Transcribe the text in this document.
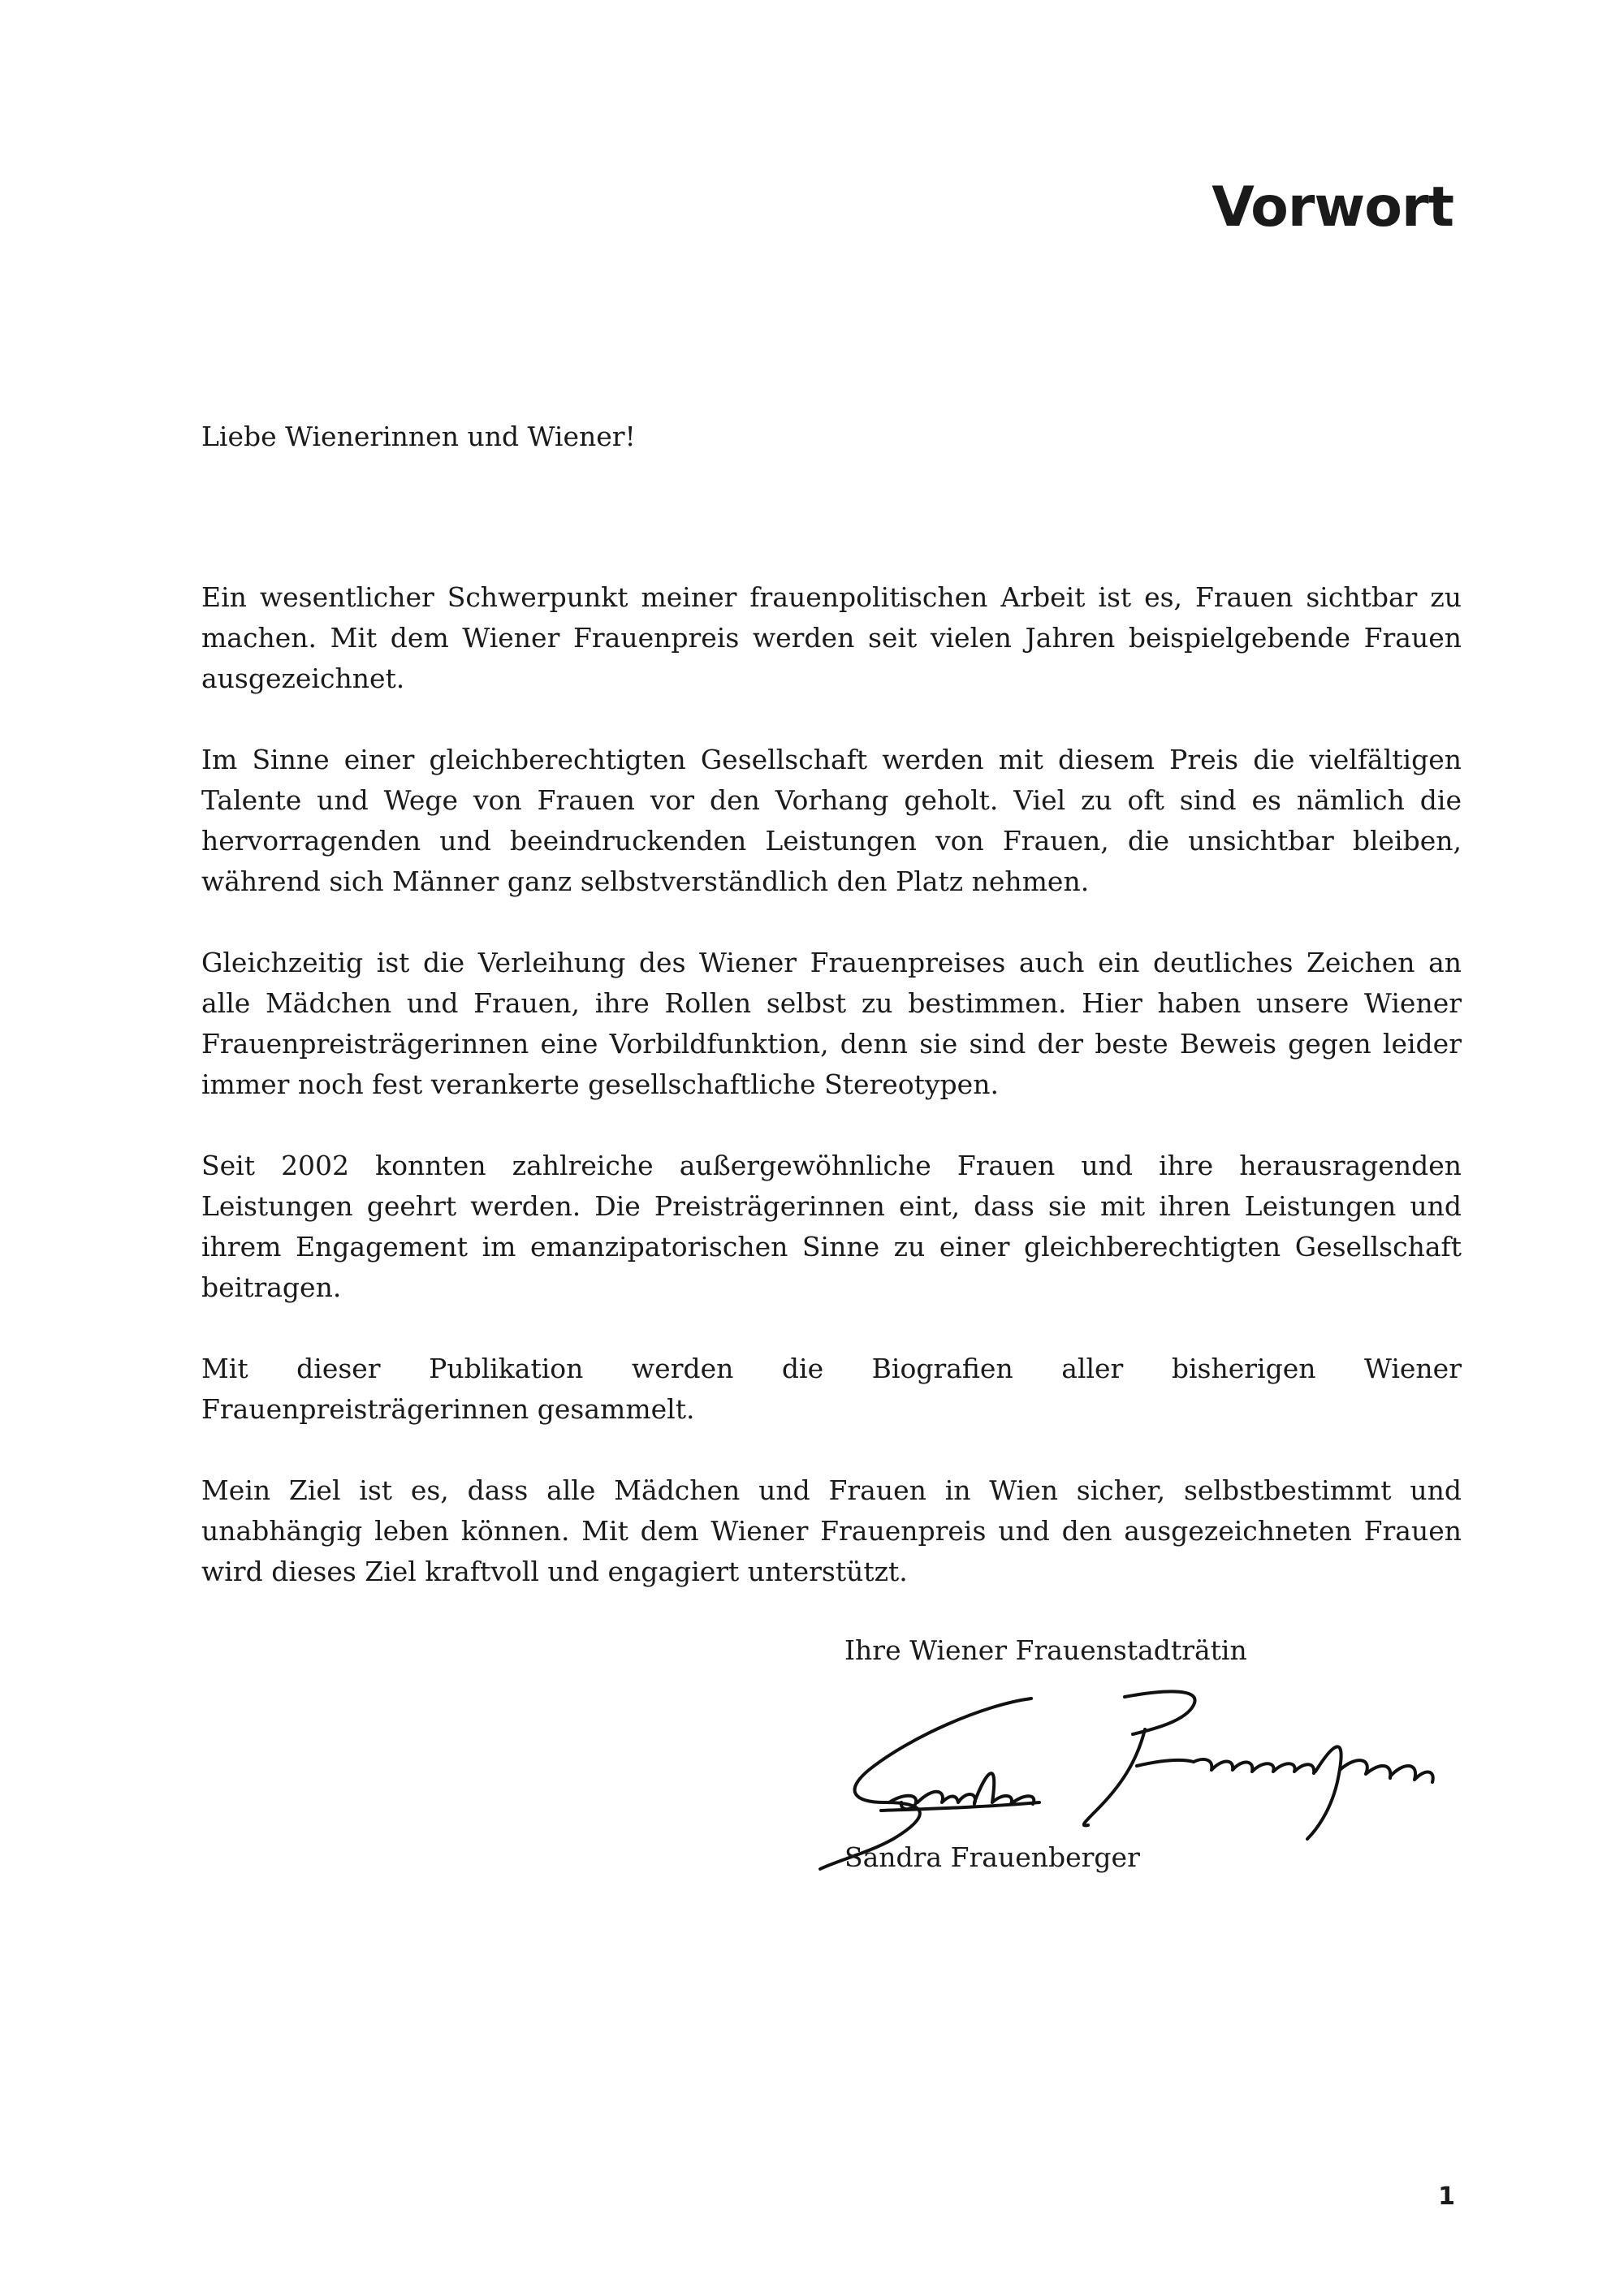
Vorwort

Liebe Wienerinnen und Wiener!

Ein wesentlicher Schwerpunkt meiner frauenpolitischen Arbeit ist es, Frauen sichtbar zu machen. Mit dem Wiener Frauenpreis werden seit vielen Jahren beispielgebende Frauen ausgezeichnet.

Im Sinne einer gleichberechtigten Gesellschaft werden mit diesem Preis die vielfältigen Talente und Wege von Frauen vor den Vorhang geholt. Viel zu oft sind es nämlich die hervorragenden und beeindruckenden Leistungen von Frauen, die unsichtbar bleiben, während sich Männer ganz selbstverständlich den Platz nehmen.

Gleichzeitig ist die Verleihung des Wiener Frauenpreises auch ein deutliches Zeichen an alle Mädchen und Frauen, ihre Rollen selbst zu bestimmen. Hier haben unsere Wiener Frauenpreisträgerinnen eine Vorbildfunktion, denn sie sind der beste Beweis gegen leider immer noch fest verankerte gesellschaftliche Stereotypen.

Seit 2002 konnten zahlreiche außergewöhnliche Frauen und ihre herausragenden Leistungen geehrt werden. Die Preisträgerinnen eint, dass sie mit ihren Leistungen und ihrem Engagement im emanzipatorischen Sinne zu einer gleichberechtigten Gesellschaft beitragen.

Mit dieser Publikation werden die Biografien aller bisherigen Wiener Frauenpreisträgerinnen gesammelt.

Mein Ziel ist es, dass alle Mädchen und Frauen in Wien sicher, selbstbestimmt und unabhängig leben können. Mit dem Wiener Frauenpreis und den ausgezeichneten Frauen wird dieses Ziel kraftvoll und engagiert unterstützt.

Ihre Wiener Frauenstadträtin

Sandra Frauenberger

1
